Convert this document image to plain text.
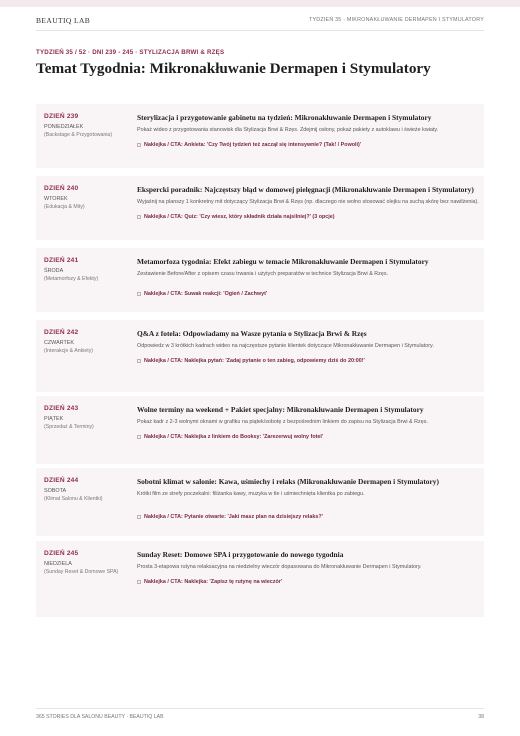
BEAUTIQ LAB	TYDZIEŃ 35 · MIKRONAKŁUWANIE DERMAPEN I STYMULATORY
TYDZIEŃ 35 / 52 · DNI 239 - 245 · STYLIZACJA BRWI & RZĘS
Temat Tygodnia: Mikronakłuwanie Dermapen i Stymulatory
DZIEŃ 239
PONIEDZIAŁEK
(Backstage & Przygotowania)
Sterylizacja i przygotowanie gabinetu na tydzień: Mikronakłuwanie Dermapen i Stymulatory
Pokaż wideo z przygotowania stanowisk dla Stylizacja Brwi & Rzęs. Zdejmij osłony, pokaż pakiety z autoklawu i świeże kwiaty.
Naklejka / CTA: Ankieta: 'Czy Twój tydzień też zaczął się intensywnie? (Tak! / Powoli)'
DZIEŃ 240
WTOREK
(Edukacja & Mity)
Ekspercki poradnik: Najczęstszy błąd w domowej pielęgnacji (Mikronakłuwanie Dermapen i Stymulatory)
Wyjaśnij na planszy 1 konkretny mit dotyczący Stylizacja Brwi & Rzęs (np. dlaczego nie wolno stosować olejku na suchą skórę bez nawilżenia).
Naklejka / CTA: Quiz: 'Czy wiesz, który składnik działa najsilniej?' (3 opcje)
DZIEŃ 241
ŚRODA
(Metamorfozy & Efekty)
Metamorfoza tygodnia: Efekt zabiegu w temacie Mikronakłuwanie Dermapen i Stymulatory
Zestawienie Before/After z opisem czasu trwania i użytych preparatów w technice Stylizacja Brwi & Rzęs.
Naklejka / CTA: Suwak reakcji: 'Ogień / Zachwyt'
DZIEŃ 242
CZWARTEK
(Interakcje & Ankiety)
Q&A z fotela: Odpowiadamy na Wasze pytania o Stylizacja Brwi & Rzęs
Odpowiedz w 3 krótkich kadrach wideo na najczęstsze pytanie klientek dotyczące Mikronakłuwanie Dermapen i Stymulatory.
Naklejka / CTA: Naklejka pytań: 'Zadaj pytanie o ten zabieg, odpowiemy dziś do 20:00!'
DZIEŃ 243
PIĄTEK
(Sprzedaż & Terminy)
Wolne terminy na weekend + Pakiet specjalny: Mikronakłuwanie Dermapen i Stymulatory
Pokaż kadr z 2-3 wolnymi oknami w grafiku na piątek/sobotę z bezpośrednim linkiem do zapisu na Stylizacja Brwi & Rzęs.
Naklejka / CTA: Naklejka z linkiem do Booksy: 'Zarezerwuj wolny fotel'
DZIEŃ 244
SOBOTA
(Klimat Salonu & Klientki)
Sobotni klimat w salonie: Kawa, uśmiechy i relaks (Mikronakłuwanie Dermapen i Stymulatory)
Krótki film ze strefy poczekalni: filiżanka kawy, muzyka w tle i uśmiechnięta klientka po zabiegu.
Naklejka / CTA: Pytanie otwarte: 'Jaki masz plan na dzisiejszy relaks?'
DZIEŃ 245
NIEDZIELA
(Sunday Reset & Domowe SPA)
Sunday Reset: Domowe SPA i przygotowanie do nowego tygodnia
Prosta 3-etapowa rutyna relaksacyjna na niedzielny wieczór dopasowana do Mikronakłuwanie Dermapen i Stymulatory.
Naklejka / CTA: Naklejka: 'Zapisz tę rutynę na wieczór'
365 STORIES DLA SALONU BEAUTY · BEAUTIQ LAB	38
